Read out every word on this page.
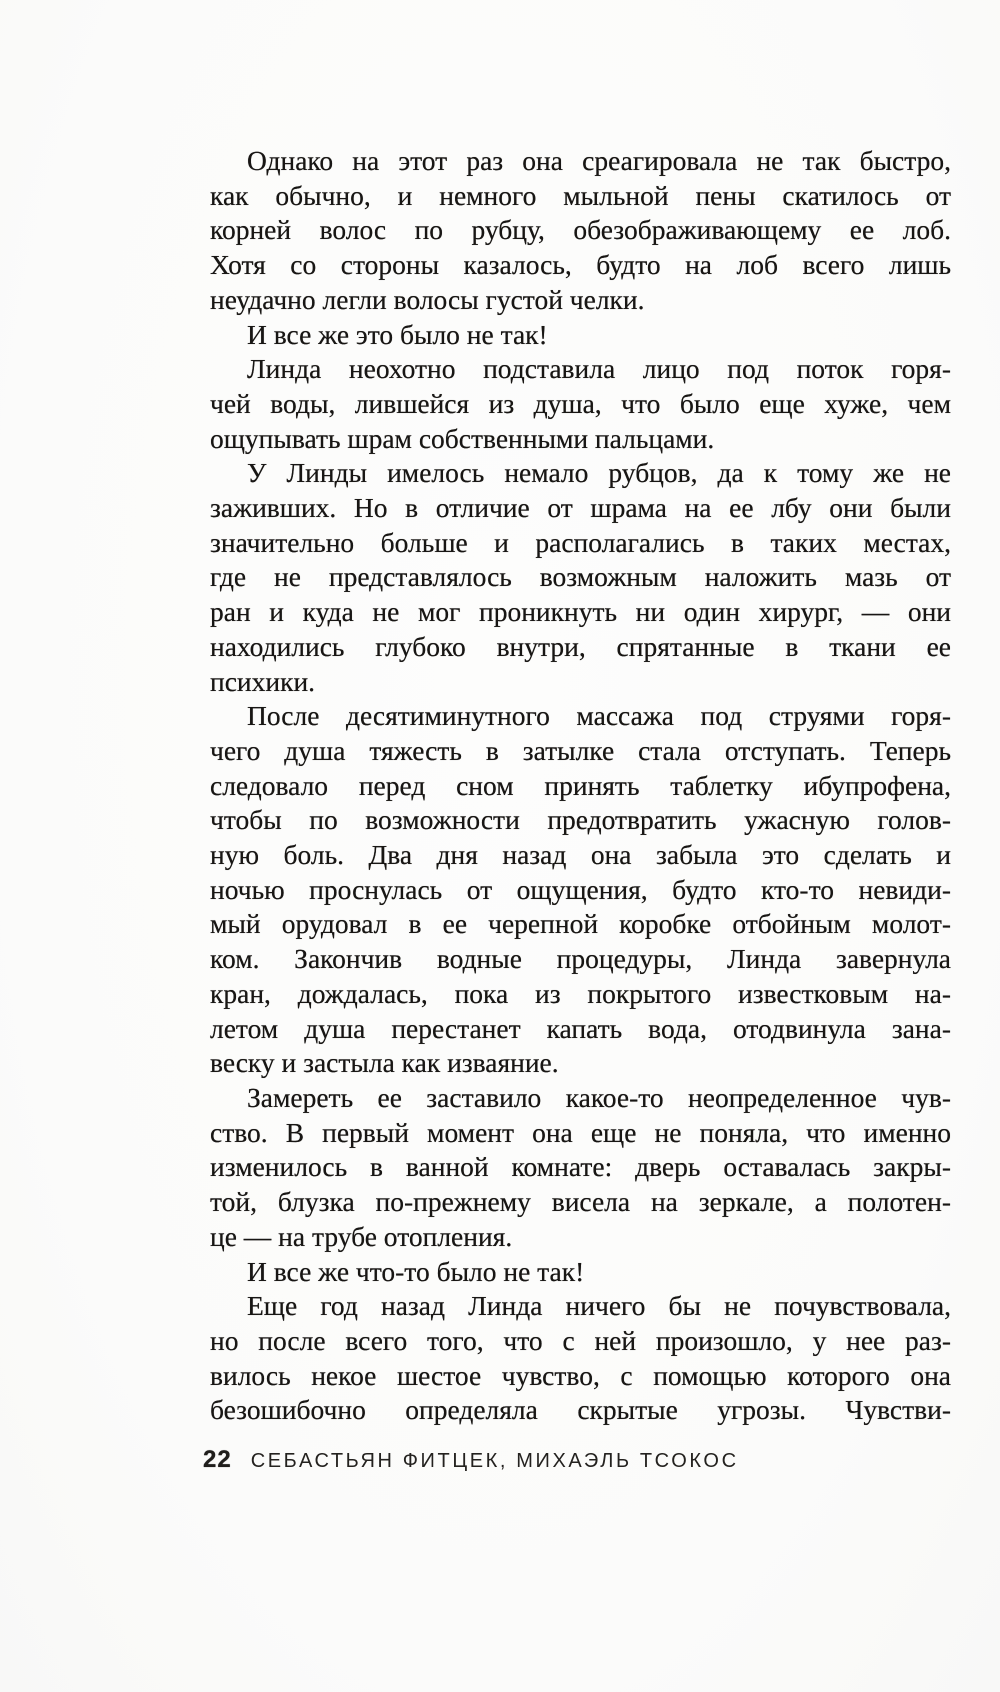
Однако на этот раз она среагировала не так быстро,
как обычно, и немного мыльной пены скатилось от
корней волос по рубцу, обезображивающему ее лоб.
Хотя со стороны казалось, будто на лоб всего лишь
неудачно легли волосы густой челки.
И все же это было не так!
Линда неохотно подставила лицо под поток горя-
чей воды, лившейся из душа, что было еще хуже, чем
ощупывать шрам собственными пальцами.
У Линды имелось немало рубцов, да к тому же не
заживших. Но в отличие от шрама на ее лбу они были
значительно больше и располагались в таких местах,
где не представлялось возможным наложить мазь от
ран и куда не мог проникнуть ни один хирург, — они
находились глубоко внутри, спрятанные в ткани ее
психики.
После десятиминутного массажа под струями горя-
чего душа тяжесть в затылке стала отступать. Теперь
следовало перед сном принять таблетку ибупрофена,
чтобы по возможности предотвратить ужасную голов-
ную боль. Два дня назад она забыла это сделать и
ночью проснулась от ощущения, будто кто-то невиди-
мый орудовал в ее черепной коробке отбойным молот-
ком. Закончив водные процедуры, Линда завернула
кран, дождалась, пока из покрытого известковым на-
летом душа перестанет капать вода, отодвинула зана-
веску и застыла как изваяние.
Замереть ее заставило какое-то неопределенное чув-
ство. В первый момент она еще не поняла, что именно
изменилось в ванной комнате: дверь оставалась закры-
той, блузка по-прежнему висела на зеркале, а полотен-
це — на трубе отопления.
И все же что-то было не так!
Еще год назад Линда ничего бы не почувствовала,
но после всего того, что с ней произошло, у нее раз-
вилось некое шестое чувство, с помощью которого она
безошибочно определяла скрытые угрозы. Чувстви-
22 СЕБАСТЬЯН ФИТЦЕК, МИХАЭЛЬ ТСОКОС
